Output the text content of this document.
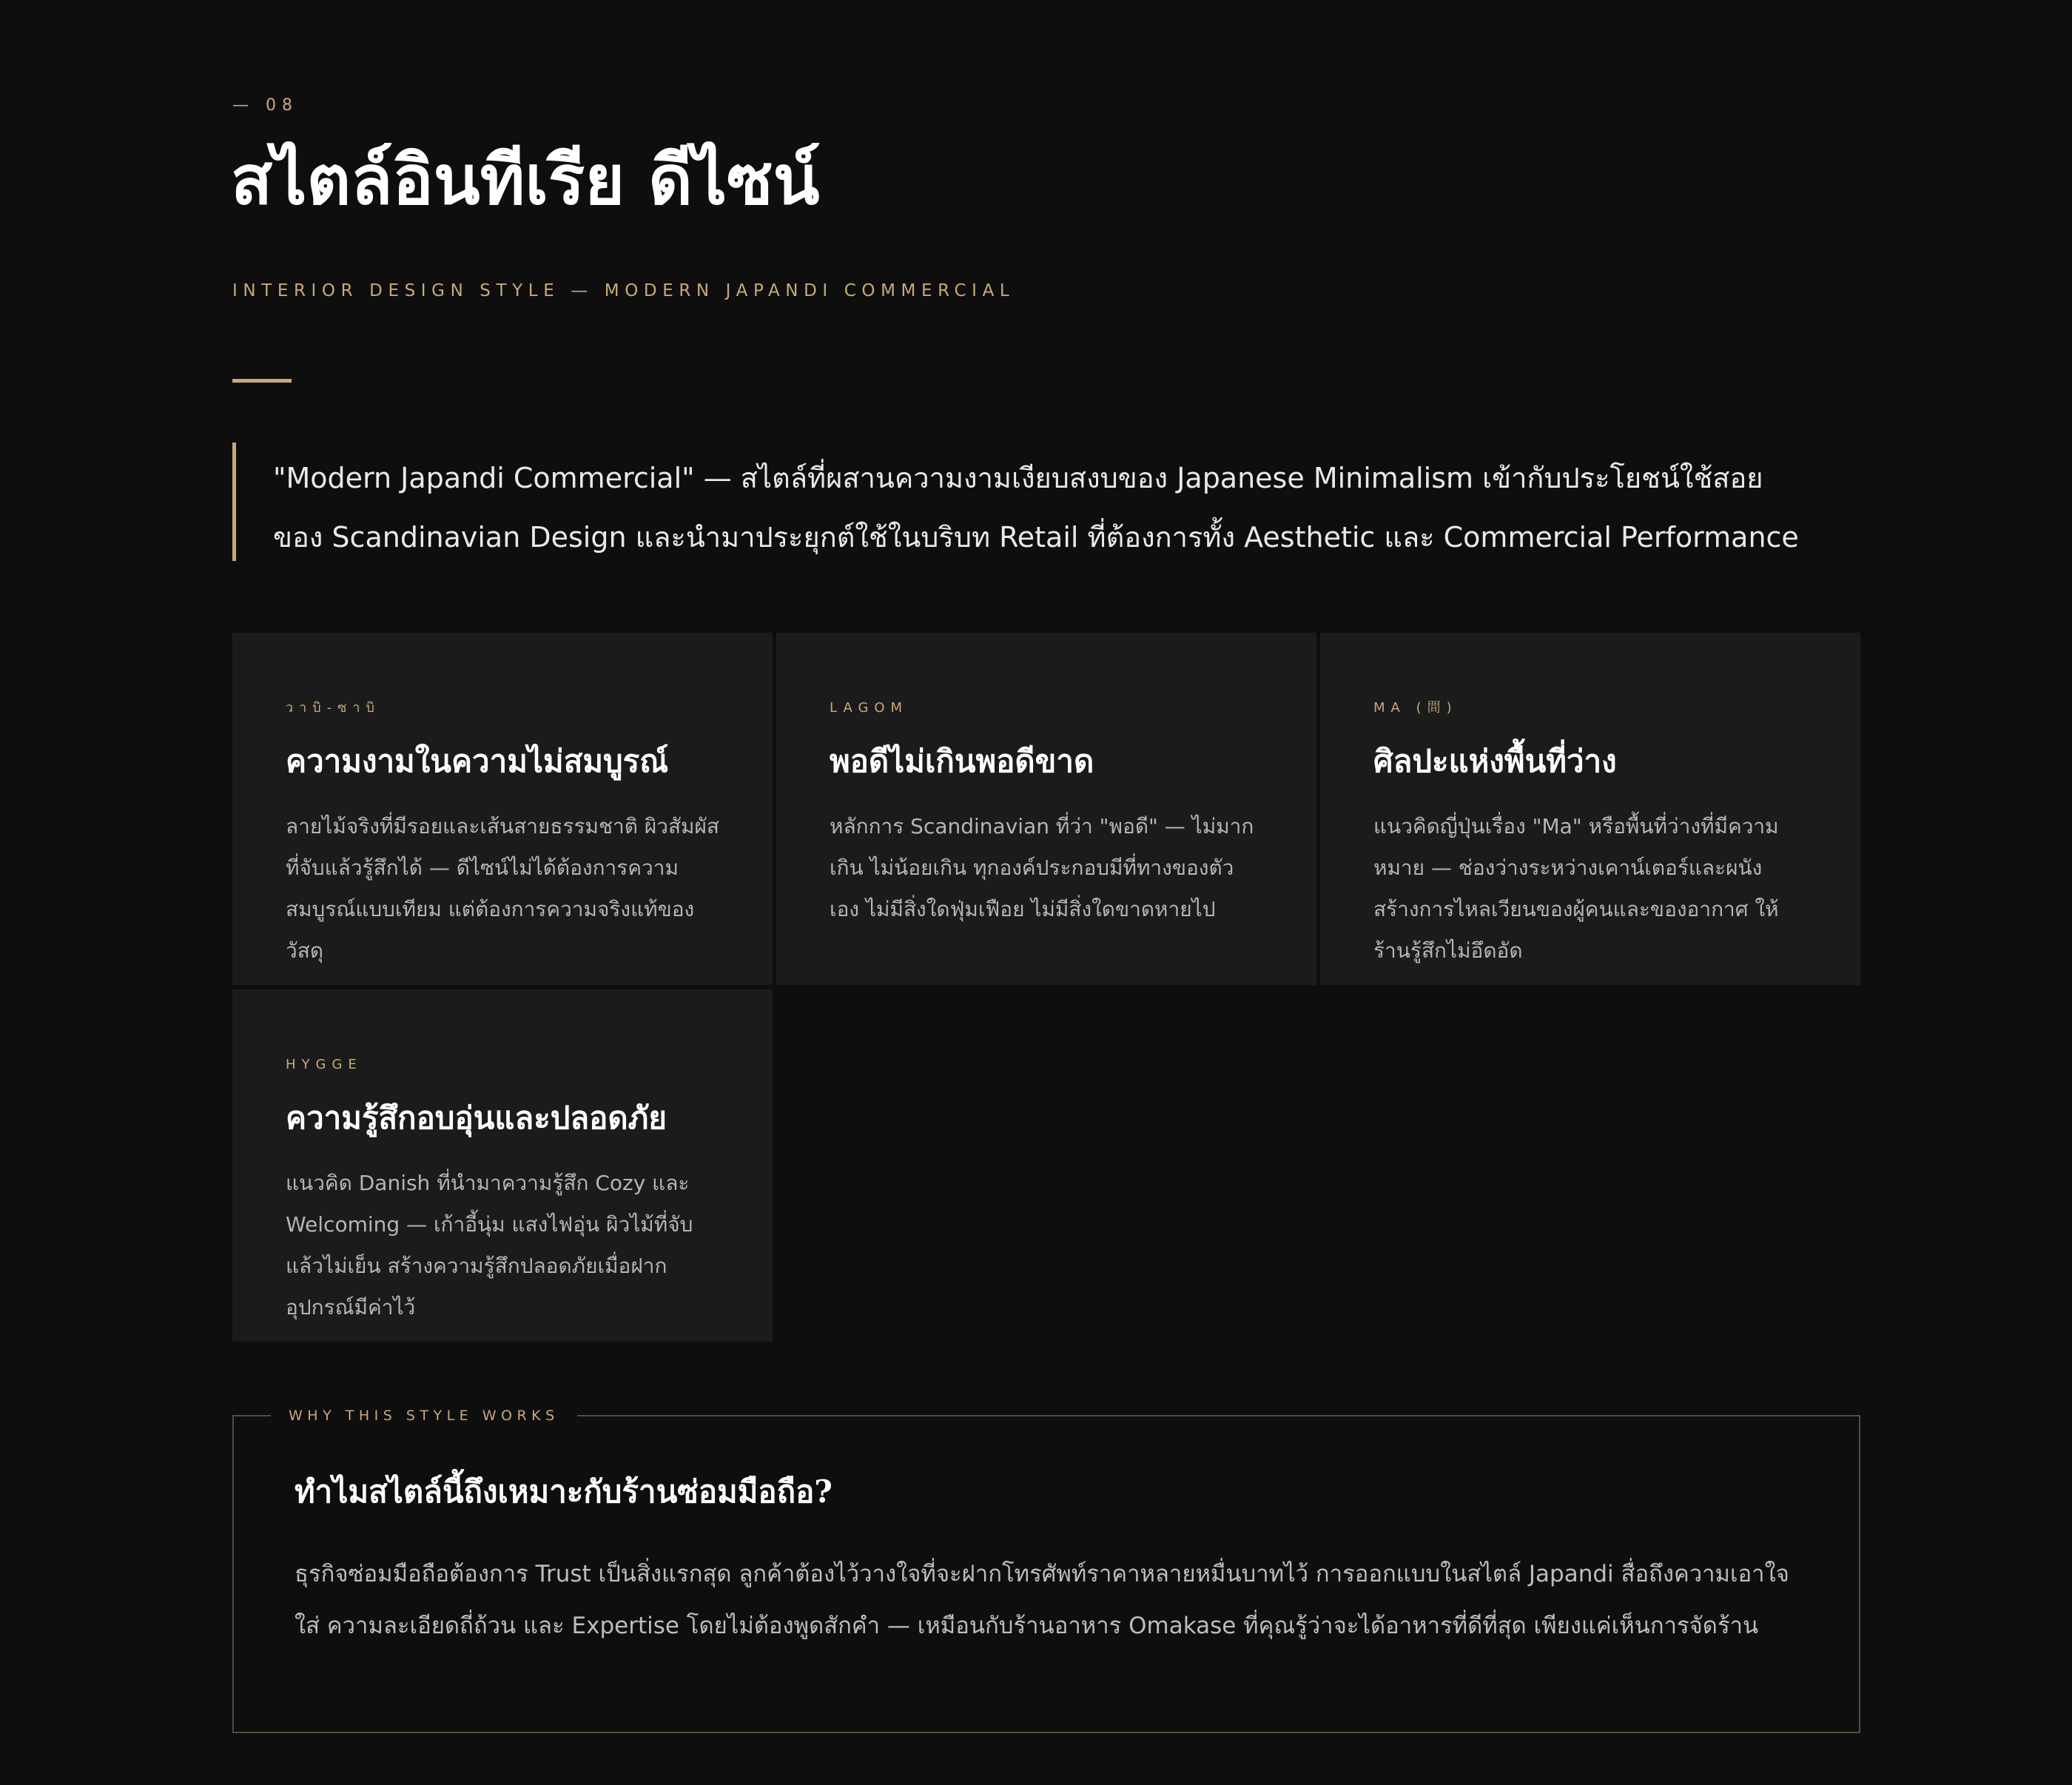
— 08
สไตล์อินทีเรีย ดีไซน์
INTERIOR DESIGN STYLE — MODERN JAPANDI COMMERCIAL
"Modern Japandi Commercial" — สไตล์ที่ผสานความงามเงียบสงบของ Japanese Minimalism เข้ากับประโยชน์ใช้สอยของ Scandinavian Design และนำมาประยุกต์ใช้ในบริบท Retail ที่ต้องการทั้ง Aesthetic และ Commercial Performance
วาบิ-ซาบิ
ความงามในความไม่สมบูรณ์
ลายไม้จริงที่มีรอยและเส้นสายธรรมชาติ ผิวสัมผัสที่จับแล้วรู้สึกได้ — ดีไซน์ไม่ได้ต้องการความสมบูรณ์แบบเทียม แต่ต้องการความจริงแท้ของวัสดุ
LAGOM
พอดีไม่เกินพอดีขาด
หลักการ Scandinavian ที่ว่า "พอดี" — ไม่มากเกิน ไม่น้อยเกิน ทุกองค์ประกอบมีที่ทางของตัวเอง ไม่มีสิ่งใดฟุ่มเฟือย ไม่มีสิ่งใดขาดหายไป
MA (間)
ศิลปะแห่งพื้นที่ว่าง
แนวคิดญี่ปุ่นเรื่อง "Ma" หรือพื้นที่ว่างที่มีความหมาย — ช่องว่างระหว่างเคาน์เตอร์และผนัง สร้างการไหลเวียนของผู้คนและของอากาศ ให้ร้านรู้สึกไม่อึดอัด
HYGGE
ความรู้สึกอบอุ่นและปลอดภัย
แนวคิด Danish ที่นำมาความรู้สึก Cozy และ Welcoming — เก้าอี้นุ่ม แสงไฟอุ่น ผิวไม้ที่จับแล้วไม่เย็น สร้างความรู้สึกปลอดภัยเมื่อฝากอุปกรณ์มีค่าไว้
WHY THIS STYLE WORKS
ทำไมสไตล์นี้ถึงเหมาะกับร้านซ่อมมือถือ?
ธุรกิจซ่อมมือถือต้องการ Trust เป็นสิ่งแรกสุด ลูกค้าต้องไว้วางใจที่จะฝากโทรศัพท์ราคาหลายหมื่นบาทไว้ การออกแบบในสไตล์ Japandi สื่อถึงความเอาใจใส่ ความละเอียดถี่ถ้วน และ Expertise โดยไม่ต้องพูดสักคำ — เหมือนกับร้านอาหาร Omakase ที่คุณรู้ว่าจะได้อาหารที่ดีที่สุด เพียงแค่เห็นการจัดร้าน
